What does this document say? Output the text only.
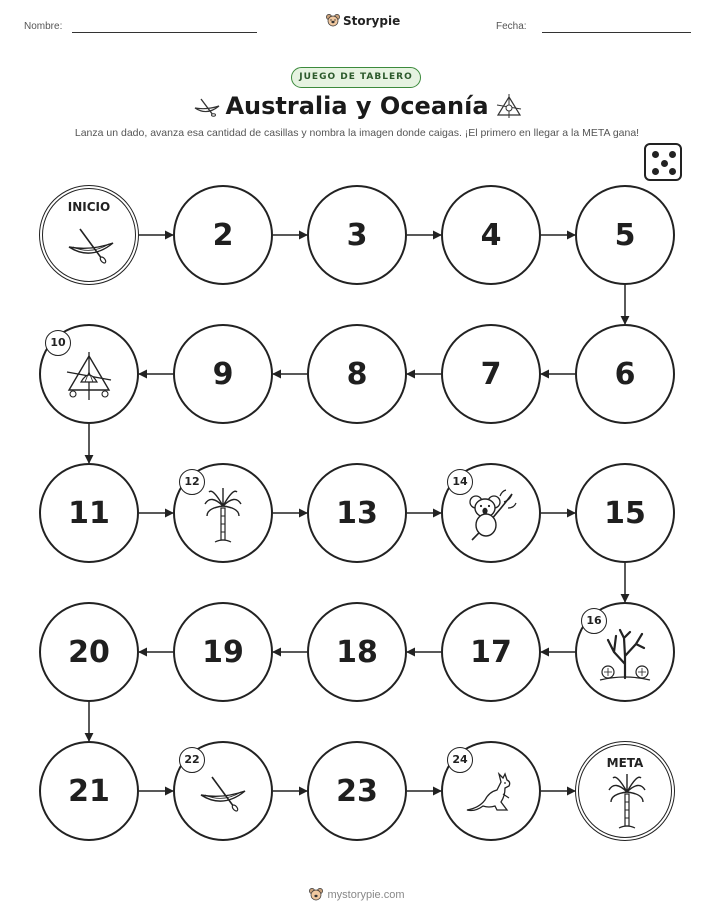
Nombre:	Storypie	Fecha:
JUEGO DE TABLERO
Australia y Oceanía
Lanza un dado, avanza esa cantidad de casillas y nombra la imagen donde caigas. ¡El primero en llegar a la META gana!
INICIO
2	3	4	5
6
7
8
9
10
11
12
13
14
15
16
17
18
19
20
21
22
23
24	META
mystorypie.com
